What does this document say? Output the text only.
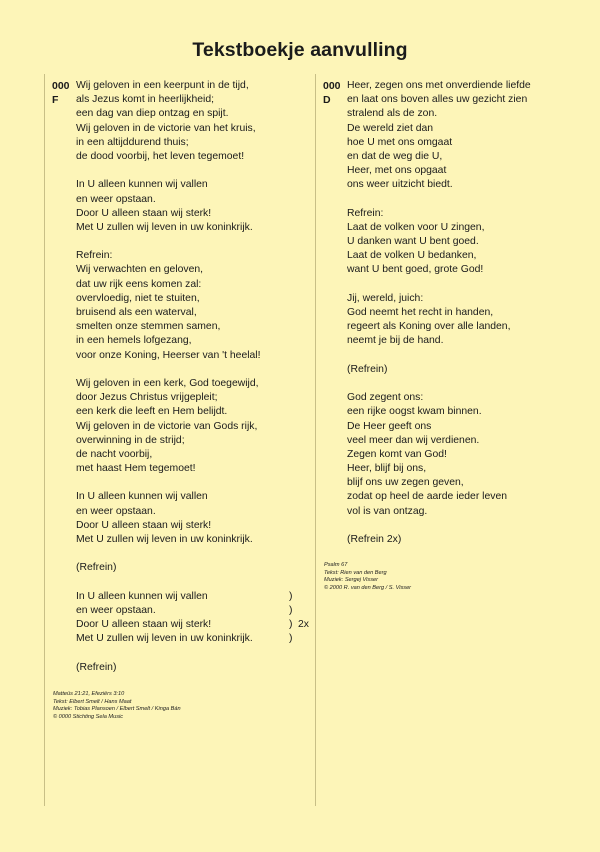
Tekstboekje aanvulling
000
F
Wij geloven in een keerpunt in de tijd,
als Jezus komt in heerlijkheid;
een dag van diep ontzag en spijt.
Wij geloven in de victorie van het kruis,
in een altijddurend thuis;
de dood voorbij, het leven tegemoet!
In U alleen kunnen wij vallen
en weer opstaan.
Door U alleen staan wij sterk!
Met U zullen wij leven in uw koninkrijk.
Refrein:
Wij verwachten en geloven,
dat uw rijk eens komen zal:
overvloedig, niet te stuiten,
bruisend als een waterval,
smelten onze stemmen samen,
in een hemels lofgezang,
voor onze Koning, Heerser van 't heelal!
Wij geloven in een kerk, God toegewijd,
door Jezus Christus vrijgepleit;
een kerk die leeft en Hem belijdt.
Wij geloven in de victorie van Gods rijk,
overwinning in de strijd;
de nacht voorbij,
met haast Hem tegemoet!
In U alleen kunnen wij vallen
en weer opstaan.
Door U alleen staan wij sterk!
Met U zullen wij leven in uw koninkrijk.
(Refrein)
In U alleen kunnen wij vallen	)
en weer opstaan.	)
Door U alleen staan wij sterk!	) 2x
Met U zullen wij leven in uw koninkrijk.	)
(Refrein)
Matteüs 21:21, Efeziërs 3:10
Tekst: Elbert Smelt / Hans Maat
Muziek: Tobias Plansoen / Elbert Smelt / Kinga Bán
© 0000 Stichting Sela Music
000
D
Heer, zegen ons met onverdiende liefde
en laat ons boven alles uw gezicht zien
stralend als de zon.
De wereld ziet dan
hoe U met ons omgaat
en dat de weg die U,
Heer, met ons opgaat
ons weer uitzicht biedt.
Refrein:
Laat de volken voor U zingen,
U danken want U bent goed.
Laat de volken U bedanken,
want U bent goed, grote God!
Jij, wereld, juich:
God neemt het recht in handen,
regeert als Koning over alle landen,
neemt je bij de hand.
(Refrein)
God zegent ons:
een rijke oogst kwam binnen.
De Heer geeft ons
veel meer dan wij verdienen.
Zegen komt van God!
Heer, blijf bij ons,
blijf ons uw zegen geven,
zodat op heel de aarde ieder leven
vol is van ontzag.
(Refrein 2x)
Psalm 67
Tekst: Rien van den Berg
Muziek: Sergej Visser
© 2000 R. van den Berg / S. Visser
